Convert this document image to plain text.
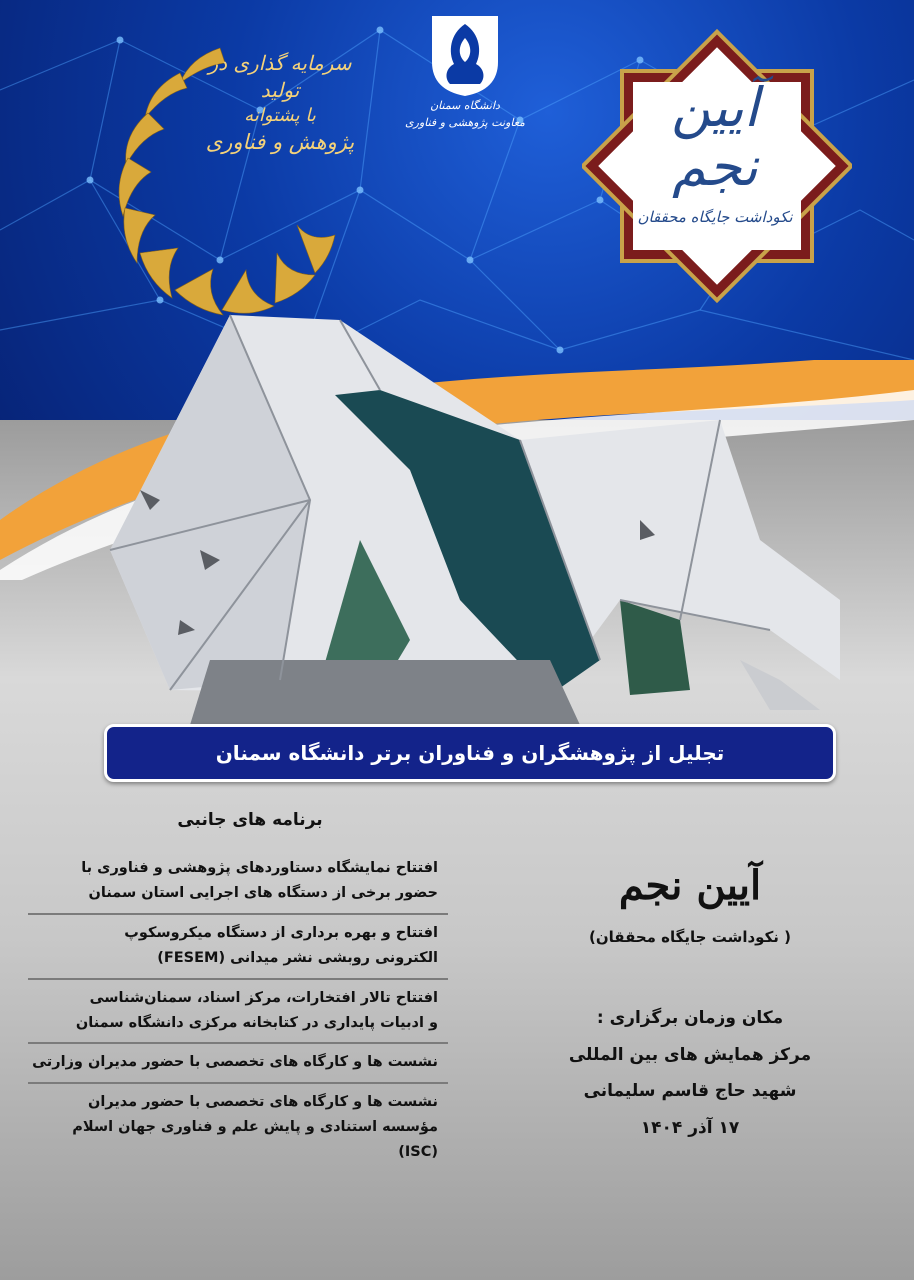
سرمایه گذاری در تولید
با پشتوانه
پژوهش و فناوری
دانشگاه سمنان
معاونت پژوهشی و فناوری	آیین نجم
نکوداشت جایگاه محققان
تجلیل از پژوهشگران و فناوران برتر دانشگاه سمنان
برنامه های جانبی
افتتاح نمایشگاه دستاوردهای پژوهشی و فناوری با
حضور برخی از دستگاه های اجرایی استان سمنان
افتتاح و بهره برداری از دستگاه میکروسکوپ
الکترونی روبشی نشر میدانی (FESEM)
افتتاح تالار افتخارات، مرکز اسناد، سمنان‌شناسی
و ادبیات پایداری در کتابخانه مرکزی دانشگاه سمنان
نشست ها و کارگاه های تخصصی با حضور مدیران وزارتی
نشست ها و کارگاه های تخصصی با حضور مدیران
مؤسسه استنادی و پایش علم و فناوری جهان اسلام (ISC)
آیین نجم
( نکوداشت جایگاه محققان)
مکان وزمان برگزاری :
مرکز همایش های بین المللی
شهید حاج قاسم سلیمانی
۱۷ آذر ۱۴۰۴
